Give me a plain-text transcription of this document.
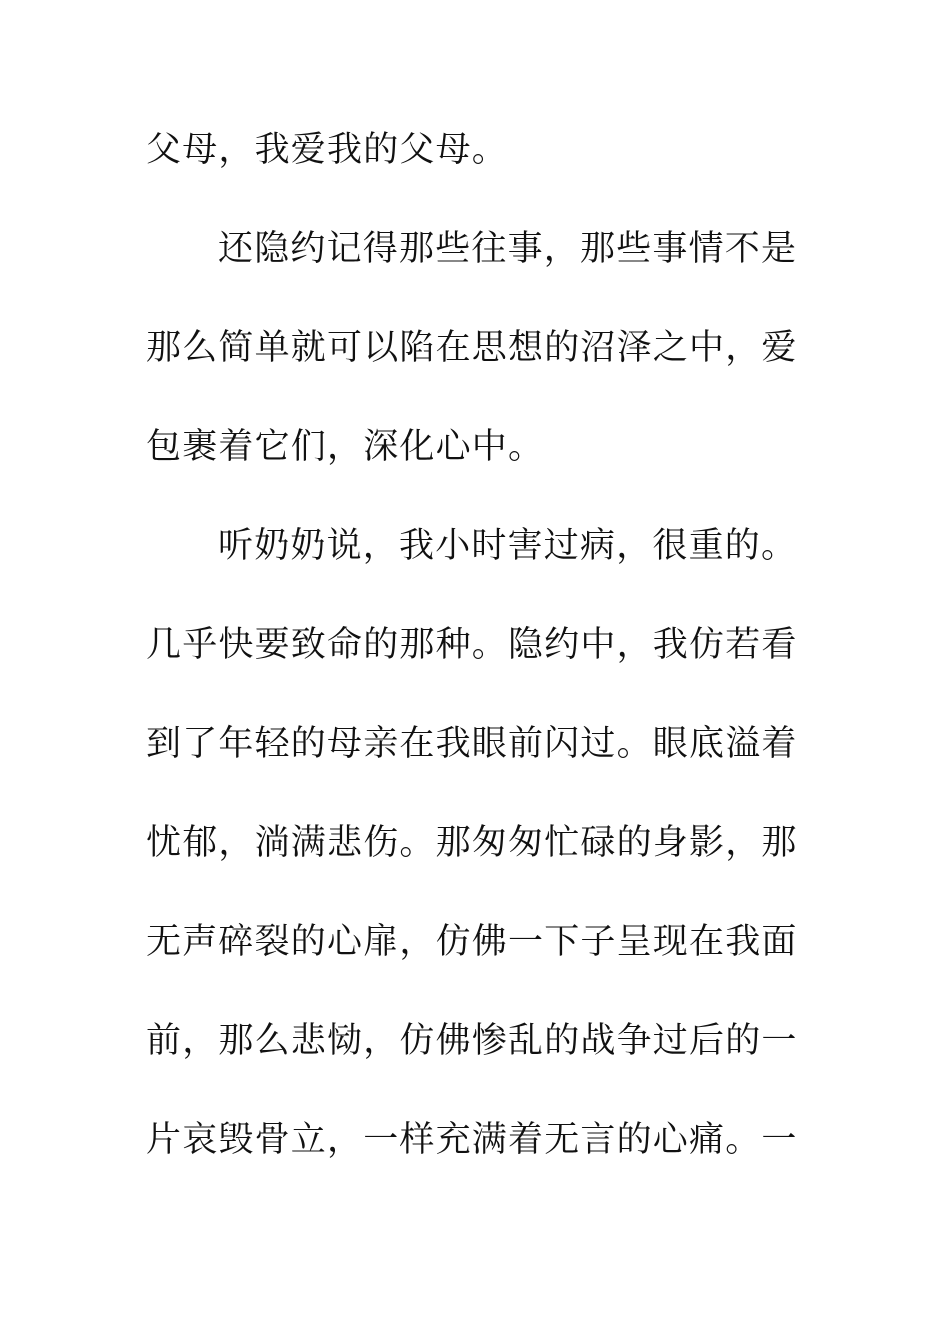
父母，我爱我的父母。
还隐约记得那些往事，那些事情不是
那么简单就可以陷在思想的沼泽之中，爱
包裹着它们，深化心中。
听奶奶说，我小时害过病，很重的。
几乎快要致命的那种。隐约中，我仿若看
到了年轻的母亲在我眼前闪过。眼底溢着
忧郁，淌满悲伤。那匆匆忙碌的身影，那
无声碎裂的心扉，仿佛一下子呈现在我面
前，那么悲恸，仿佛惨乱的战争过后的一
片哀毁骨立，一样充满着无言的心痛。一
